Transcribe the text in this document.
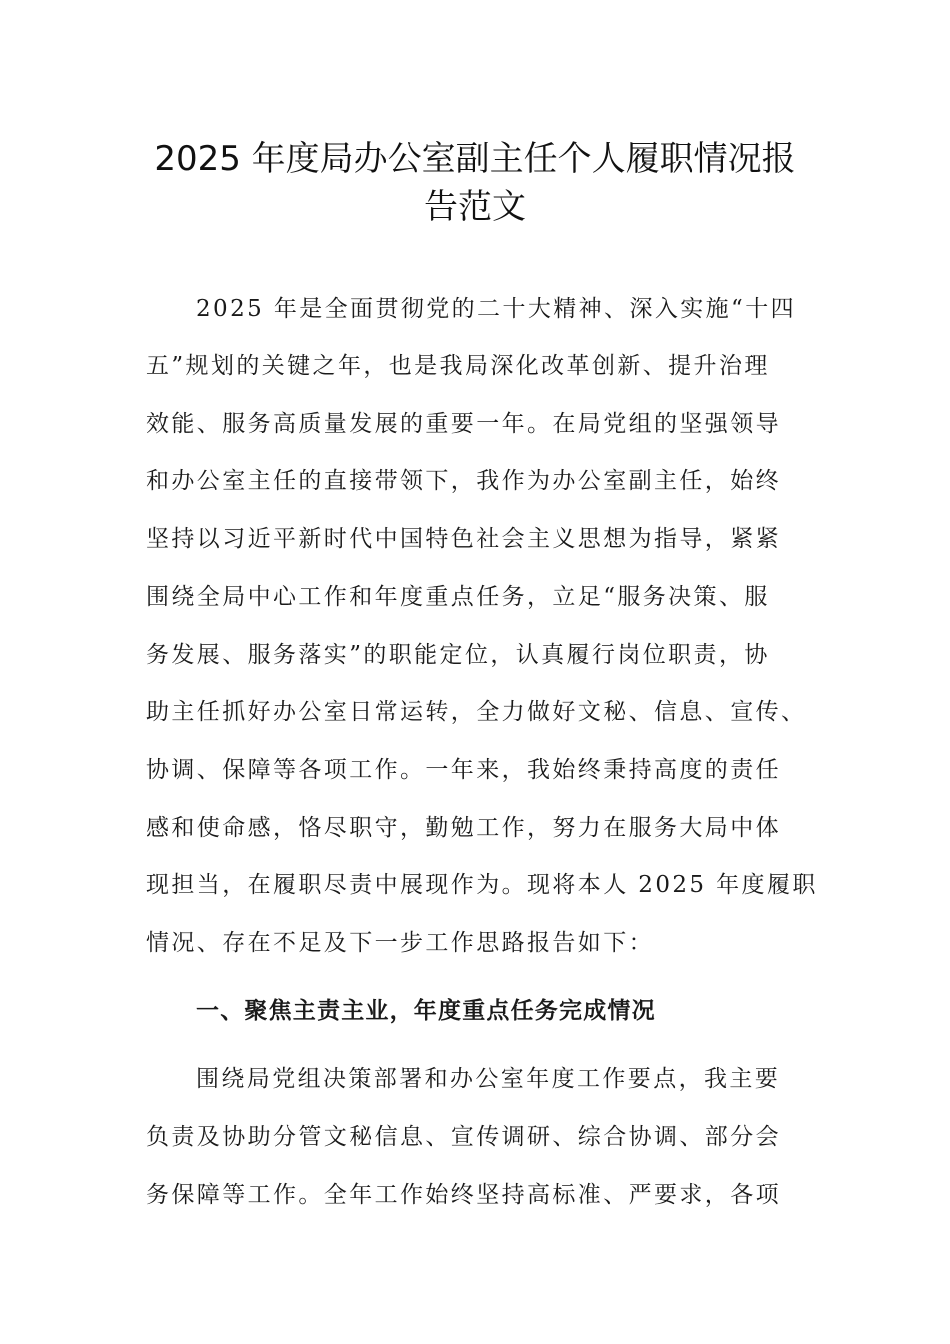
2025 年度局办公室副主任个人履职情况报
告范文

2025 年是全面贯彻党的二十大精神、深入实施“十四

五”规划的关键之年，也是我局深化改革创新、提升治理

效能、服务高质量发展的重要一年。在局党组的坚强领导

和办公室主任的直接带领下，我作为办公室副主任，始终

坚持以习近平新时代中国特色社会主义思想为指导，紧紧

围绕全局中心工作和年度重点任务，立足“服务决策、服

务发展、服务落实”的职能定位，认真履行岗位职责，协

助主任抓好办公室日常运转，全力做好文秘、信息、宣传、

协调、保障等各项工作。一年来，我始终秉持高度的责任

感和使命感，恪尽职守，勤勉工作，努力在服务大局中体

现担当，在履职尽责中展现作为。现将本人 2025 年度履职

情况、存在不足及下一步工作思路报告如下：

一、聚焦主责主业，年度重点任务完成情况

围绕局党组决策部署和办公室年度工作要点，我主要

负责及协助分管文秘信息、宣传调研、综合协调、部分会

务保障等工作。全年工作始终坚持高标准、严要求，各项
